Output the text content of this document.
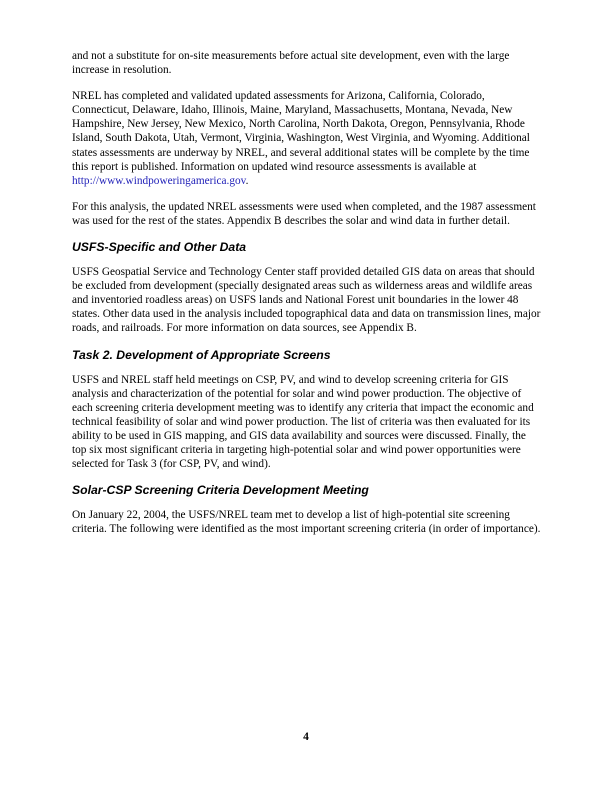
and not a substitute for on-site measurements before actual site development, even with the large increase in resolution.

NREL has completed and validated updated assessments for Arizona, California, Colorado, Connecticut, Delaware, Idaho, Illinois, Maine, Maryland, Massachusetts, Montana, Nevada, New Hampshire, New Jersey, New Mexico, North Carolina, North Dakota, Oregon, Pennsylvania, Rhode Island, South Dakota, Utah, Vermont, Virginia, Washington, West Virginia, and Wyoming. Additional states assessments are underway by NREL, and several additional states will be complete by the time this report is published. Information on updated wind resource assessments is available at http://www.windpoweringamerica.gov.

For this analysis, the updated NREL assessments were used when completed, and the 1987 assessment was used for the rest of the states. Appendix B describes the solar and wind data in further detail.

USFS-Specific and Other Data

USFS Geospatial Service and Technology Center staff provided detailed GIS data on areas that should be excluded from development (specially designated areas such as wilderness areas and wildlife areas and inventoried roadless areas) on USFS lands and National Forest unit boundaries in the lower 48 states. Other data used in the analysis included topographical data and data on transmission lines, major roads, and railroads. For more information on data sources, see Appendix B.

Task 2. Development of Appropriate Screens

USFS and NREL staff held meetings on CSP, PV, and wind to develop screening criteria for GIS analysis and characterization of the potential for solar and wind power production. The objective of each screening criteria development meeting was to identify any criteria that impact the economic and technical feasibility of solar and wind power production. The list of criteria was then evaluated for its ability to be used in GIS mapping, and GIS data availability and sources were discussed. Finally, the top six most significant criteria in targeting high-potential solar and wind power opportunities were selected for Task 3 (for CSP, PV, and wind).

Solar-CSP Screening Criteria Development Meeting

On January 22, 2004, the USFS/NREL team met to develop a list of high-potential site screening criteria. The following were identified as the most important screening criteria (in order of importance).

4
